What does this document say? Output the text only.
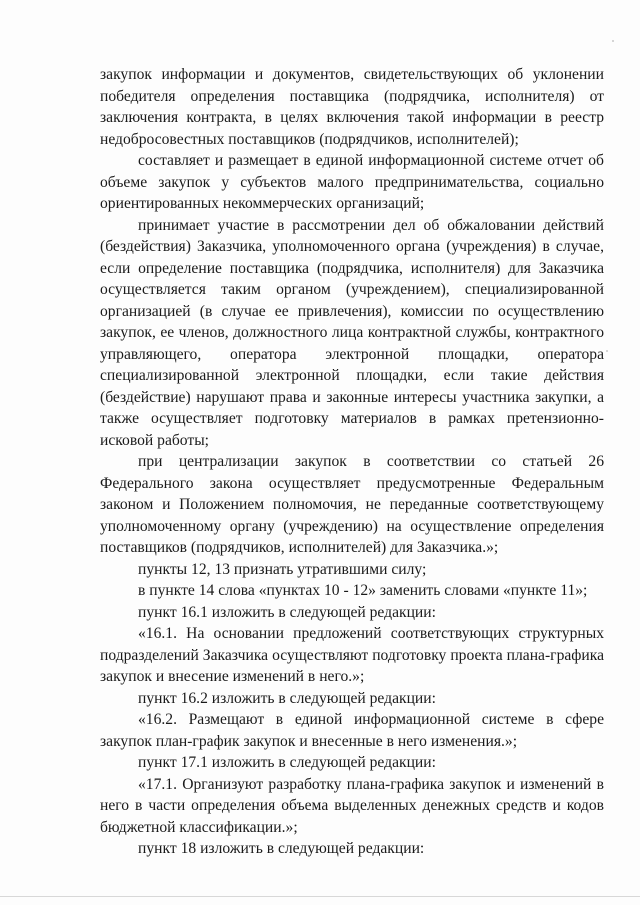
закупок информации и документов, свидетельствующих об уклонении победителя определения поставщика (подрядчика, исполнителя) от заключения контракта, в целях включения такой информации в реестр недобросовестных поставщиков (подрядчиков, исполнителей);

составляет и размещает в единой информационной системе отчет об объеме закупок у субъектов малого предпринимательства, социально ориентированных некоммерческих организаций;

принимает участие в рассмотрении дел об обжаловании действий (бездействия) Заказчика, уполномоченного органа (учреждения) в случае, если определение поставщика (подрядчика, исполнителя) для Заказчика осуществляется таким органом (учреждением), специализированной организацией (в случае ее привлечения), комиссии по осуществлению закупок, ее членов, должностного лица контрактной службы, контрактного управляющего, оператора электронной площадки, оператора специализированной электронной площадки, если такие действия (бездействие) нарушают права и законные интересы участника закупки, а также осуществляет подготовку материалов в рамках претензионно-исковой работы;

при централизации закупок в соответствии со статьей 26 Федерального закона осуществляет предусмотренные Федеральным законом и Положением полномочия, не переданные соответствующему уполномоченному органу (учреждению) на осуществление определения поставщиков (подрядчиков, исполнителей) для Заказчика.»;

пункты 12, 13 признать утратившими силу;

в пункте 14 слова «пунктах 10 - 12» заменить словами «пункте 11»;

пункт 16.1 изложить в следующей редакции:

«16.1. На основании предложений соответствующих структурных подразделений Заказчика осуществляют подготовку проекта плана-графика закупок и внесение изменений в него.»;

пункт 16.2 изложить в следующей редакции:

«16.2. Размещают в единой информационной системе в сфере закупок план-график закупок и внесенные в него изменения.»;

пункт 17.1 изложить в следующей редакции:

«17.1. Организуют разработку плана-графика закупок и изменений в него в части определения объема выделенных денежных средств и кодов бюджетной классификации.»;

пункт 18 изложить в следующей редакции:
